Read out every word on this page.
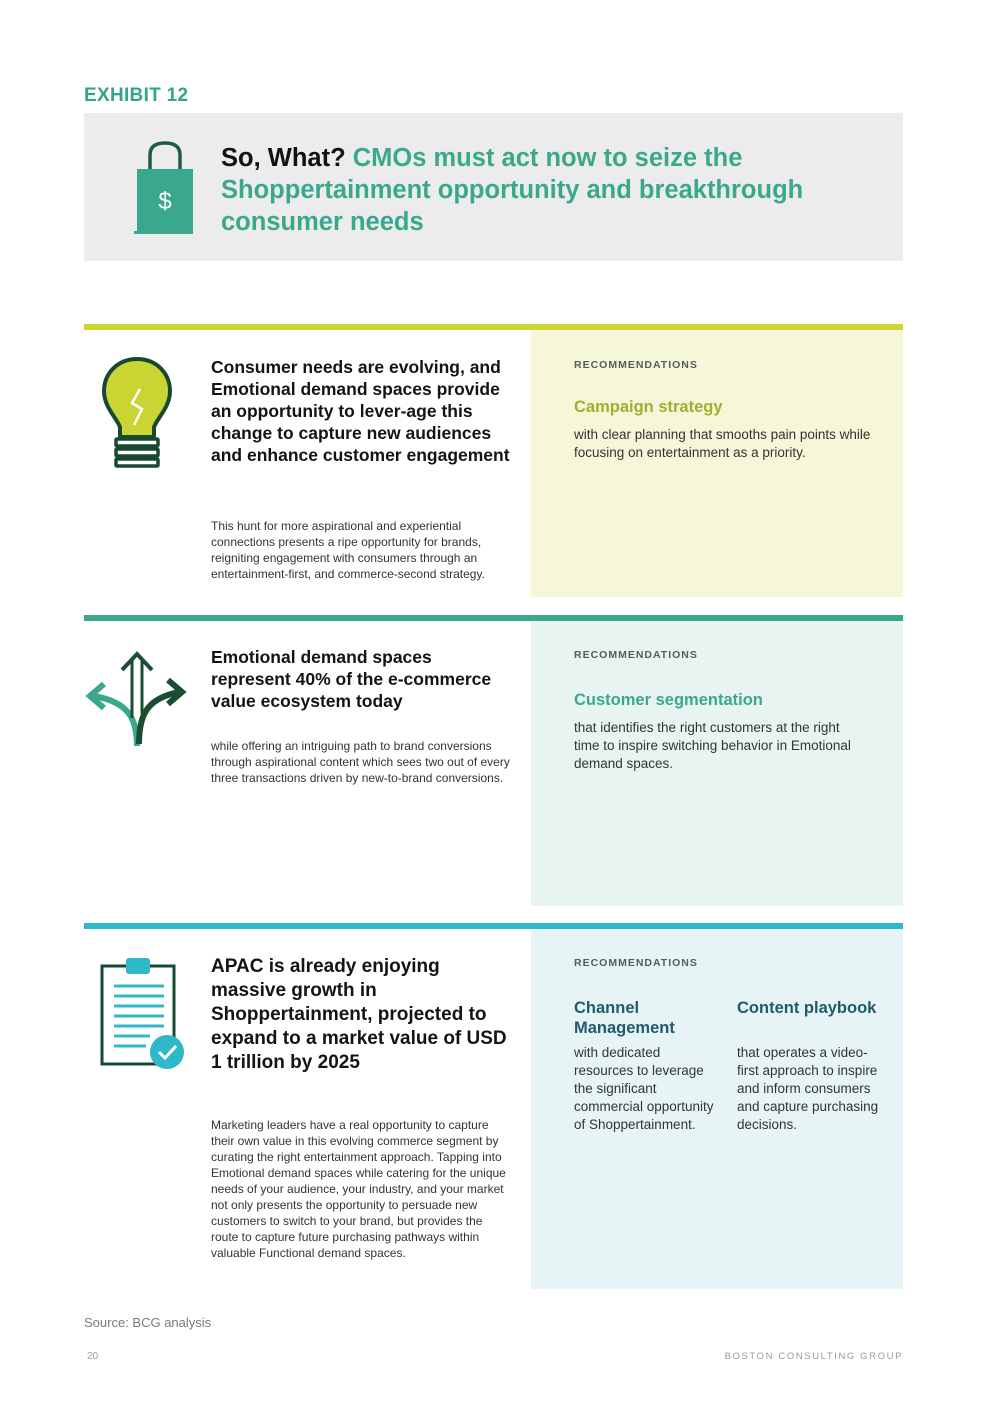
EXHIBIT 12
$
So, What? CMOs must act now to seize the Shoppertainment opportunity and breakthrough consumer needs
RECOMMENDATIONS
Campaign strategy
with clear planning that smooths pain points while focusing on entertainment as a priority.
Consumer needs are evolving, and Emotional demand spaces provide an opportunity to lever-age this change to capture new audiences and enhance customer engagement
This hunt for more aspirational and experiential connections presents a ripe opportunity for brands, reigniting engagement with consumers through an entertainment-first, and commerce-second strategy.
RECOMMENDATIONS
Customer segmentation
that identifies the right customers at the right time to inspire switching behavior in Emotional demand spaces.
Emotional demand spaces represent 40% of the e-commerce value ecosystem today
while offering an intriguing path to brand conversions through aspirational content which sees two out of every three transactions driven by new-to-brand conversions.
RECOMMENDATIONS
Channel Management
with dedicated resources to leverage the significant commercial opportunity of Shoppertainment.
Content playbook
that operates a video-first approach to inspire and inform consumers and capture purchasing decisions.
APAC is already enjoying massive growth in Shoppertainment, projected to expand to a market value of USD 1 trillion by 2025
Marketing leaders have a real opportunity to capture their own value in this evolving commerce segment by curating the right entertainment approach. Tapping into Emotional demand spaces while catering for the unique needs of your audience, your industry, and your market not only presents the opportunity to persuade new customers to switch to your brand, but provides the route to capture future purchasing pathways within valuable Functional demand spaces.
Source: BCG analysis
20	BOSTON CONSULTING GROUP
